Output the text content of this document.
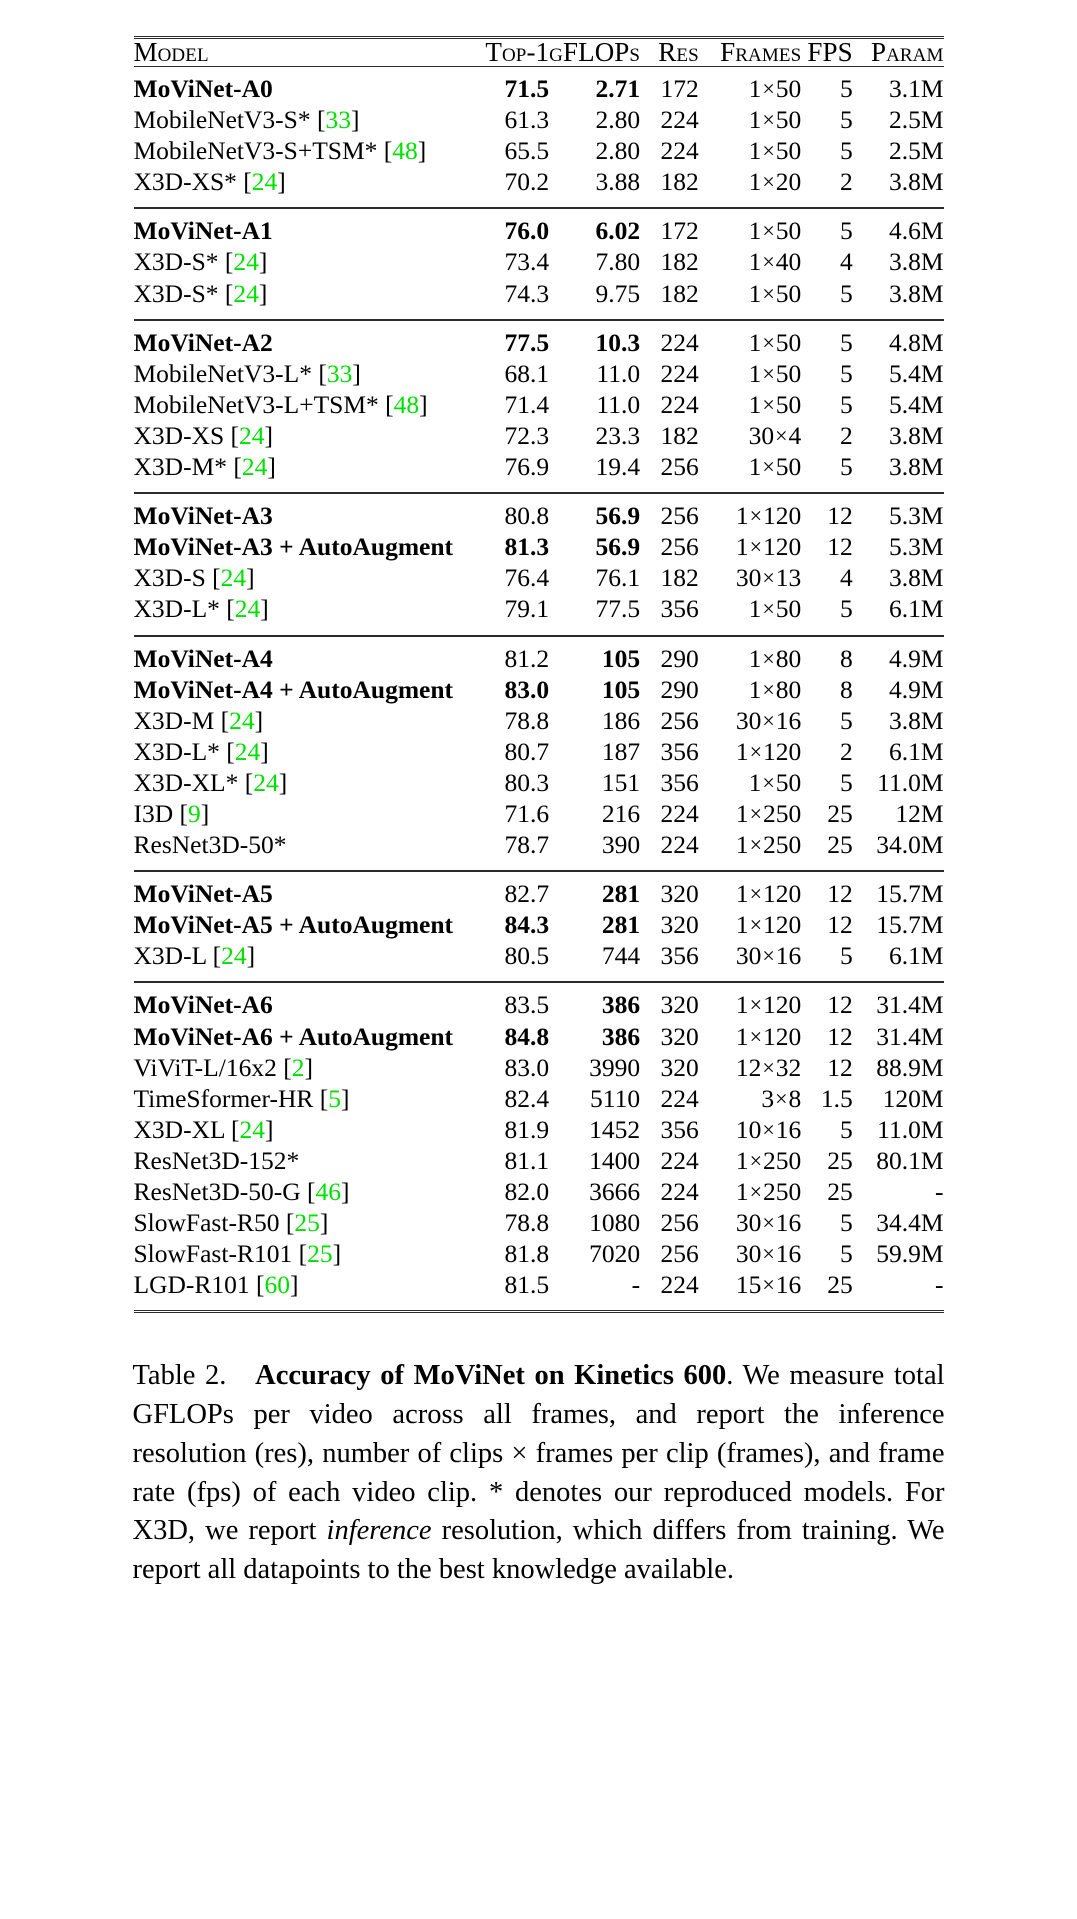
Model	Top-1	gFLOPs	Res	Frames	FPS	Param

MoViNet-A0	71.5	2.71	172	1×50	5	3.1M
MobileNetV3-S* [33]	61.3	2.80	224	1×50	5	2.5M
MobileNetV3-S+TSM* [48]	65.5	2.80	224	1×50	5	2.5M
X3D-XS* [24]	70.2	3.88	182	1×20	2	3.8M

MoViNet-A1	76.0	6.02	172	1×50	5	4.6M
X3D-S* [24]	73.4	7.80	182	1×40	4	3.8M
X3D-S* [24]	74.3	9.75	182	1×50	5	3.8M

MoViNet-A2	77.5	10.3	224	1×50	5	4.8M
MobileNetV3-L* [33]	68.1	11.0	224	1×50	5	5.4M
MobileNetV3-L+TSM* [48]	71.4	11.0	224	1×50	5	5.4M
X3D-XS [24]	72.3	23.3	182	30×4	2	3.8M
X3D-M* [24]	76.9	19.4	256	1×50	5	3.8M

MoViNet-A3	80.8	56.9	256	1×120	12	5.3M
MoViNet-A3 + AutoAugment	81.3	56.9	256	1×120	12	5.3M
X3D-S [24]	76.4	76.1	182	30×13	4	3.8M
X3D-L* [24]	79.1	77.5	356	1×50	5	6.1M

MoViNet-A4	81.2	105	290	1×80	8	4.9M
MoViNet-A4 + AutoAugment	83.0	105	290	1×80	8	4.9M
X3D-M [24]	78.8	186	256	30×16	5	3.8M
X3D-L* [24]	80.7	187	356	1×120	2	6.1M
X3D-XL* [24]	80.3	151	356	1×50	5	11.0M
I3D [9]	71.6	216	224	1×250	25	12M
ResNet3D-50*	78.7	390	224	1×250	25	34.0M

MoViNet-A5	82.7	281	320	1×120	12	15.7M
MoViNet-A5 + AutoAugment	84.3	281	320	1×120	12	15.7M
X3D-L [24]	80.5	744	356	30×16	5	6.1M

MoViNet-A6	83.5	386	320	1×120	12	31.4M
MoViNet-A6 + AutoAugment	84.8	386	320	1×120	12	31.4M
ViViT-L/16x2 [2]	83.0	3990	320	12×32	12	88.9M
TimeSformer-HR [5]	82.4	5110	224	3×8	1.5	120M
X3D-XL [24]	81.9	1452	356	10×16	5	11.0M
ResNet3D-152*	81.1	1400	224	1×250	25	80.1M
ResNet3D-50-G [46]	82.0	3666	224	1×250	25	-
SlowFast-R50 [25]	78.8	1080	256	30×16	5	34.4M
SlowFast-R101 [25]	81.8	7020	256	30×16	5	59.9M
LGD-R101 [60]	81.5	-	224	15×16	25	-

Table 2. Accuracy of MoViNet on Kinetics 600. We measure total GFLOPs per video across all frames, and report the inference resolution (res), number of clips × frames per clip (frames), and frame rate (fps) of each video clip. * denotes our reproduced models. For X3D, we report inference resolution, which differs from training. We report all datapoints to the best knowledge available.
